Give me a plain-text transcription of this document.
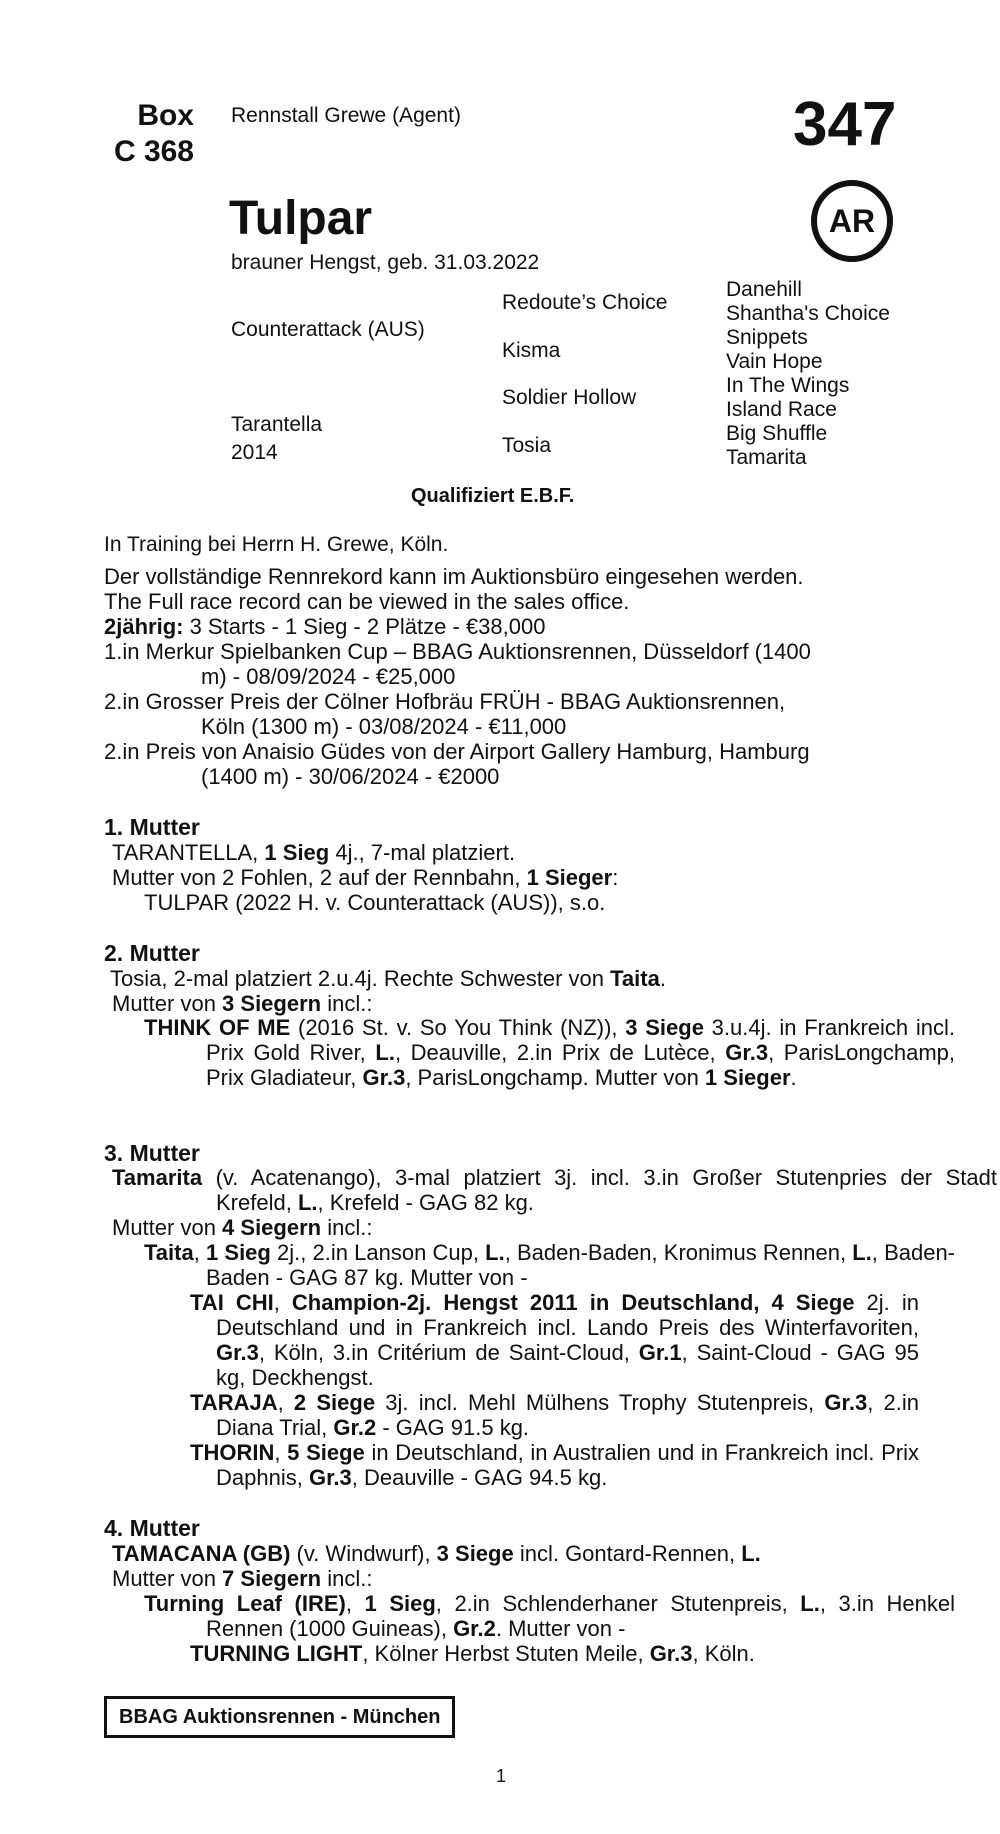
Box
C 368
Rennstall Grewe (Agent)	347
Tulpar	AR
brauner Hengst, geb. 31.03.2022
Counterattack (AUS)
Tarantella
2014
Redoute’s Choice
Kisma
Soldier Hollow
Tosia
Danehill
Shantha's Choice
Snippets
Vain Hope
In The Wings
Island Race
Big Shuffle
Tamarita
Qualifiziert E.B.F.
In Training bei Herrn H. Grewe, Köln.
Der vollständige Rennrekord kann im Auktionsbüro eingesehen werden.
The Full race record can be viewed in the sales office.
2jährig: 3 Starts - 1 Sieg - 2 Plätze - €38,000
1.in Merkur Spielbanken Cup – BBAG Auktionsrennen, Düsseldorf (1400
m) - 08/09/2024 - €25,000
2.in Grosser Preis der Cölner Hofbräu FRÜH - BBAG Auktionsrennen,
Köln (1300 m) - 03/08/2024 - €11,000
2.in Preis von Anaisio Güdes von der Airport Gallery Hamburg, Hamburg
(1400 m) - 30/06/2024 - €2000
1. Mutter
TARANTELLA, 1 Sieg 4j., 7-mal platziert.
Mutter von 2 Fohlen, 2 auf der Rennbahn, 1 Sieger:
TULPAR (2022 H. v. Counterattack (AUS)), s.o.
2. Mutter
Tosia, 2-mal platziert 2.u.4j. Rechte Schwester von Taita.
Mutter von 3 Siegern incl.:
THINK OF ME (2016 St. v. So You Think (NZ)), 3 Siege 3.u.4j. in Frankreich incl. Prix Gold River, L., Deauville, 2.in Prix de Lutèce, Gr.3, ParisLongchamp, Prix Gladiateur, Gr.3, ParisLongchamp. Mutter von 1 Sieger.
3. Mutter
Tamarita (v. Acatenango), 3-mal platziert 3j. incl. 3.in Großer Stutenpries der Stadt Krefeld, L., Krefeld - GAG 82 kg.
Mutter von 4 Siegern incl.:
Taita, 1 Sieg 2j., 2.in Lanson Cup, L., Baden-Baden, Kronimus Rennen, L., Baden-Baden - GAG 87 kg. Mutter von -
TAI CHI, Champion-2j. Hengst 2011 in Deutschland, 4 Siege 2j. in Deutschland und in Frankreich incl. Lando Preis des Winterfavoriten, Gr.3, Köln, 3.in Critérium de Saint-Cloud, Gr.1, Saint-Cloud - GAG 95 kg, Deckhengst.
TARAJA, 2 Siege 3j. incl. Mehl Mülhens Trophy Stutenpreis, Gr.3, 2.in Diana Trial, Gr.2 - GAG 91.5 kg.
THORIN, 5 Siege in Deutschland, in Australien und in Frankreich incl. Prix Daphnis, Gr.3, Deauville - GAG 94.5 kg.
4. Mutter
TAMACANA (GB) (v. Windwurf), 3 Siege incl. Gontard-Rennen, L.
Mutter von 7 Siegern incl.:
Turning Leaf (IRE), 1 Sieg, 2.in Schlenderhaner Stutenpreis, L., 3.in Henkel Rennen (1000 Guineas), Gr.2. Mutter von -
TURNING LIGHT, Kölner Herbst Stuten Meile, Gr.3, Köln.
BBAG Auktionsrennen - München
1
